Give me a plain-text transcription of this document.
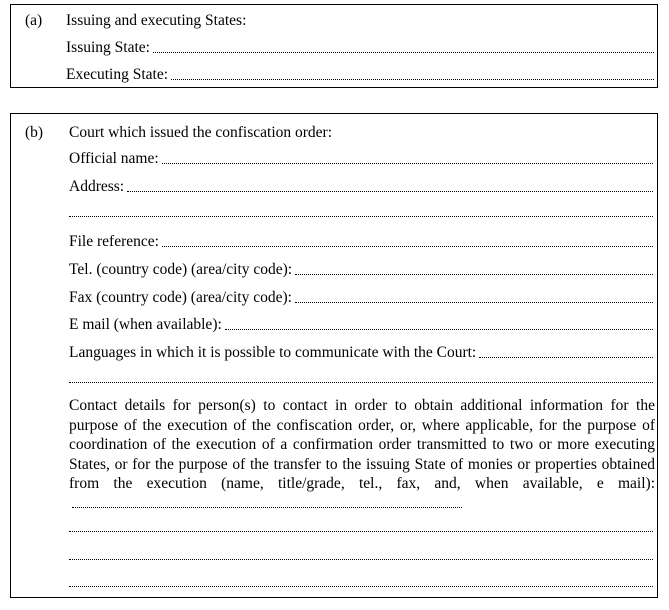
(a) Issuing and executing States:
Issuing State:
Executing State:
(b) Court which issued the confiscation order:
Official name:
Address:
File reference:
Tel. (country code) (area/city code):
Fax (country code) (area/city code):
E mail (when available):
Languages in which it is possible to communicate with the Court:
Contact details for person(s) to contact in order to obtain additional information for the purpose of the execution of the confiscation order, or, where applicable, for the purpose of coordination of the execution of a confirmation order transmitted to two or more executing States, or for the purpose of the transfer to the issuing State of monies or properties obtained from the execution (name, title/grade, tel., fax, and, when available, e mail):
